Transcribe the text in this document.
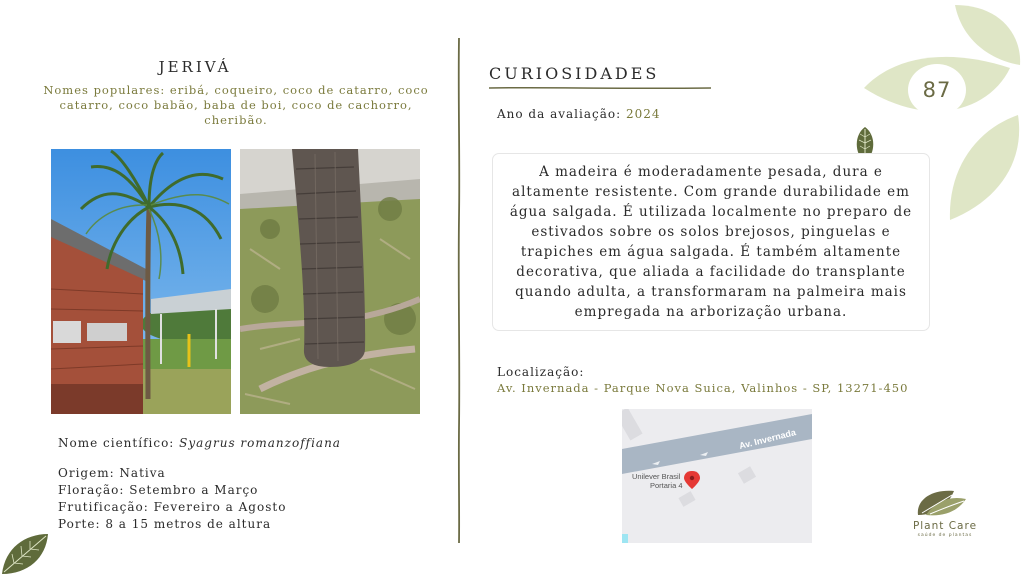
87
JERIVÁ
Nomes populares: eribá, coqueiro, coco de catarro, coco catarro, coco babão, baba de boi, coco de cachorro, cheribão.
Nome científico: Syagrus romanzoffiana
Origem: Nativa
Floração: Setembro a Março
Frutificação: Fevereiro a Agosto
Porte: 8 a 15 metros de altura
CURIOSIDADES
Ano da avaliação: 2024
A madeira é moderadamente pesada, dura e altamente resistente. Com grande durabilidade em água salgada. É utilizada localmente no preparo de estivados sobre os solos brejosos, pinguelas e trapiches em água salgada. É também altamente decorativa, que aliada a facilidade do transplante quando adulta, a transformaram na palmeira mais empregada na arborização urbana.
Localização:
Av. Invernada - Parque Nova Suica, Valinhos - SP, 13271-450
Av. Invernada
Unilever Brasil
Portaria 4
Plant Care
saúde de plantas
